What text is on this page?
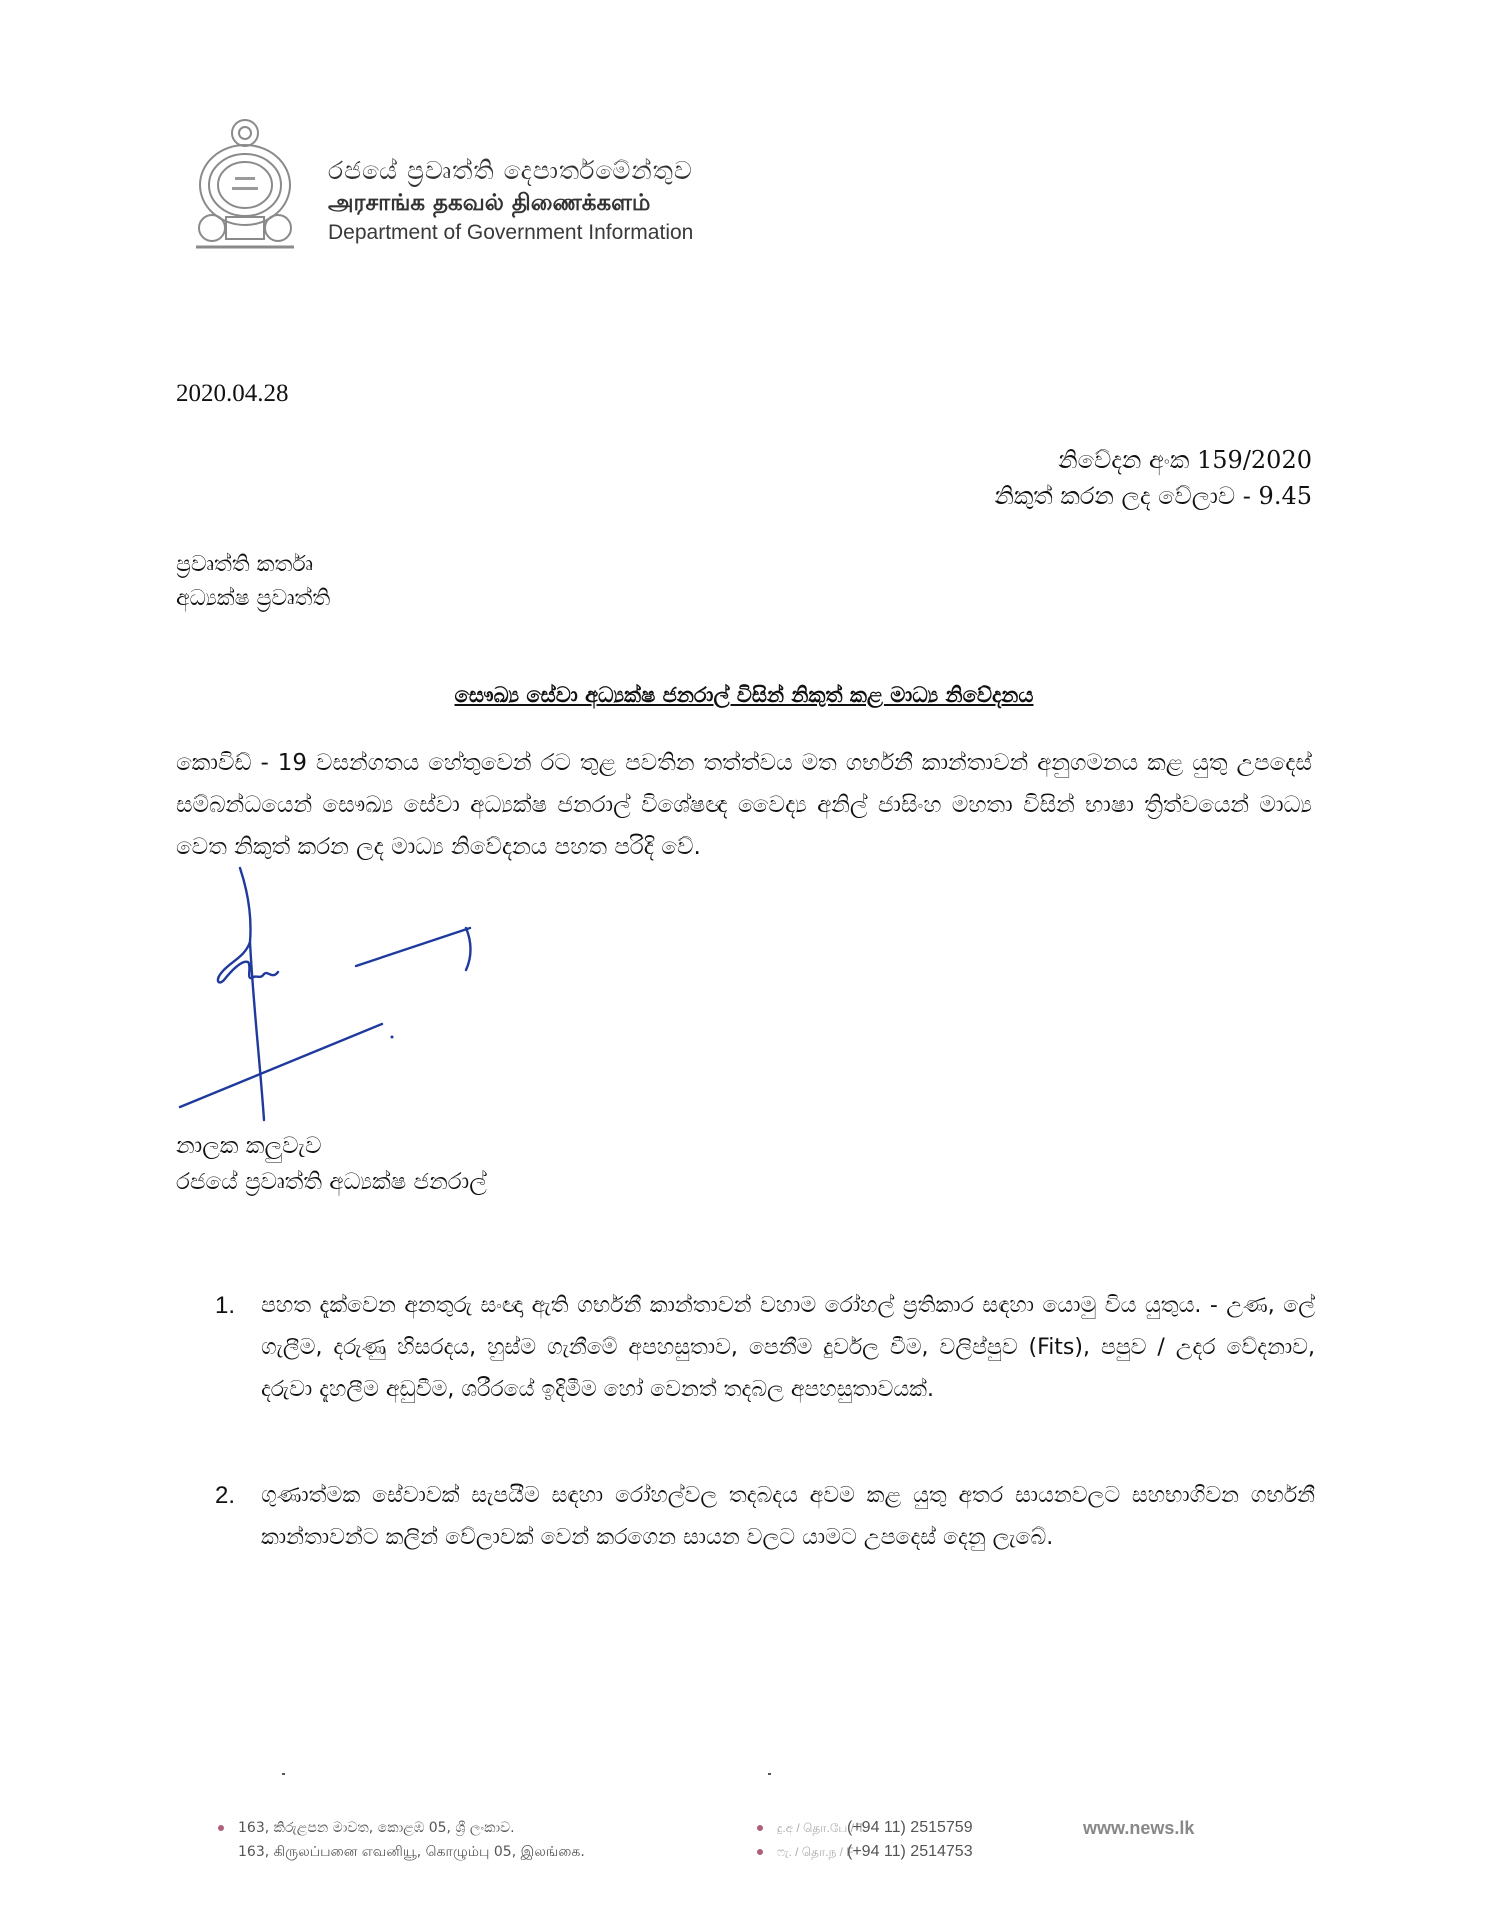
රජයේ ප්‍රවෘත්ති දෙපාර්තමේන්තුව
அரசாங்க தகவல் திணைக்களம்
Department of Government Information
2020.04.28
නිවේදන අංක 159/2020
නිකුත් කරන ලද වේලාව - 9.45
ප්‍රවෘත්ති කර්තෘ
අධ්‍යක්ෂ ප්‍රවෘත්ති
සෞඛ්‍ය සේවා අධ්‍යක්ෂ ජනරාල් විසින් නිකුත් කළ මාධ්‍ය නිවේදනය
කොවිඩ් - 19 වසන්ගතය හේතුවෙන් රට තුළ පවතින තත්ත්වය මත ගර්භනී කාන්තාවන් අනුගමනය කළ යුතු උපදෙස් සම්බන්ධයෙන් සෞඛ්‍ය සේවා අධ්‍යක්ෂ ජනරාල් විශේෂඥ වෛද්‍ය අනිල් ජාසිංහ මහතා විසින් භාෂා ත්‍රිත්වයෙන් මාධ්‍ය වෙත නිකුත් කරන ලද මාධ්‍ය නිවේදනය පහත පරිදි වේ.
නාලක කලුවැව
රජයේ ප්‍රවෘත්ති අධ්‍යක්ෂ ජනරාල්
1. පහත දැක්වෙන අනතුරු සංඥා ඇති ගර්භනී කාන්තාවන් වහාම රෝහල් ප්‍රතිකාර සඳහා යොමු විය යුතුය. - උණ, ලේ ගැලීම, දරුණු හිසරදය, හුස්ම ගැනීමේ අපහසුතාව, පෙනීම දුර්වල වීම, වලිප්පුව (Fits), පපුව / උදර වේදනාව, දරුවා දැහලීම අඩුවීම, ශරීරයේ ඉදිමීම හෝ වෙනත් තදබල අපහසුතාවයක්.
2. ගුණාත්මක සේවාවක් සැපයීම සඳහා රෝහල්වල තදබදය අවම කළ යුතු අතර සායනවලට සහභාගිවන ගර්භනී කාන්තාවන්ට කලින් වේලාවක් වෙන් කරගෙන සායන වලට යාමට උපදෙස් දෙනු ලැබේ.
163, කිරුළපන මාවත, කොළඹ 05, ශ්‍රී ලංකාව.
163, கிருலப்பனை எவனியூ, கொழும்பு 05, இலங்கை.
දු.අ / தொ.பே / T(+94 11) 2515759
ෆැ. / தொ.ந / F(+94 11) 2514753
www.news.lk
